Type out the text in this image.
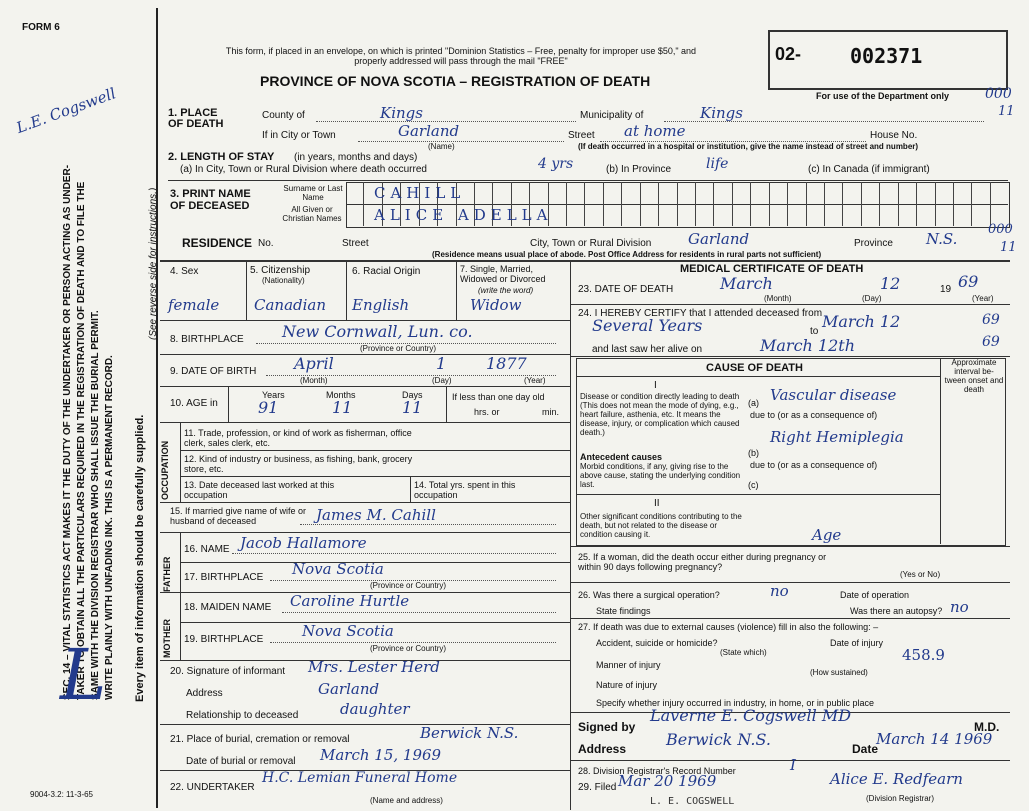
FORM 6
L.E. Cogswell
SEC. 14 – VITAL STATISTICS ACT MAKES IT THE DUTY OF THE UNDERTAKER OR PERSON ACTING AS UNDER- TAKER TO OBTAIN ALL THE PARTICULARS REQUIRED IN THE REGISTRATION OF DEATH AND TO FILE THE SAME WITH THE DIVISION REGISTRAR WHO SHALL ISSUE THE BURIAL PERMIT. WRITE PLAINLY WITH UNFADING INK. THIS IS A PERMANENT RECORD. Every item of information should be carefully supplied.
(See reverse side for instructions.)
L
9004-3.2: 11-3-65
This form, if placed in an envelope, on which is printed "Dominion Statistics – Free, penalty for improper use $50," and properly addressed will pass through the mail "FREE"
PROVINCE OF NOVA SCOTIA – REGISTRATION OF DEATH
02- 002371
For use of the Department only	000
11
1. PLACE OF DEATH
County of	Kings	Municipality of	Kings
If in City or Town	Garland
(Name)
Street at home	House No.
(If death occurred in a hospital or institution, give the name instead of street and number)
2. LENGTH OF STAY (in years, months and days)
(a) In City, Town or Rural Division where death occurred	4 yrs	(b) In Province life	(c) In Canada (if immigrant)
3. PRINT NAME OF DECEASED
Surname or Last Name
All Given or Christian Names
CAHILL
ALICE ADELLA
RESIDENCE No.	Street	City, Town or Rural Division Garland	Province N.S.
000
11
(Residence means usual place of abode. Post Office Address for residents in rural parts not sufficient)
4. Sex	5. Citizenship
(Nationality)
6. Racial Origin	7. Single, Married, Widowed or Divorced
(write the word)
female Canadian English	Widow
8. BIRTHPLACE New Cornwall, Lun. co.
(Province or Country)
9. DATE OF BIRTH April	1 1877
(Month)	(Day)	(Year)
10. AGE in
Years	Months	Days
91	11	11
If less than one day old
hrs. or	min.
OCCUPATION
11. Trade, profession, or kind of work as fisherman, office clerk, sales clerk, etc.
12. Kind of industry or business, as fishing, bank, grocery store, etc.
13. Date deceased last worked at this occupation
14. Total yrs. spent in this occupation
15. If married give name of wife or husband of deceased	James M. Cahill
FATHER
16. NAME Jacob Hallamore
17. BIRTHPLACE Nova Scotia
(Province or Country)
MOTHER
18. MAIDEN NAME Caroline Hurtle
19. BIRTHPLACE	Nova Scotia
(Province or Country)
20. Signature of informant Mrs. Lester Herd
Address	Garland
Relationship to deceased	daughter
21. Place of burial, cremation or removal	Berwick N.S.
Date of burial or removal March 15, 1969
22. UNDERTAKER
H.C. Lemian Funeral Home
(Name and address)
MEDICAL CERTIFICATE OF DEATH
23. DATE OF DEATH	March	12	19 69
(Month)	(Day)	(Year)
24. I HEREBY CERTIFY that I attended deceased from
Several Years	to
March 12	69
and last saw her alive on	March 12th	69
CAUSE OF DEATH	Approximate interval be-tween onset and death
I
Disease or condition directly leading to death (This does not mean the mode of dying, e.g., heart failure, asthenia, etc. It means the disease, injury, or complication which caused death.)
(a) Vascular disease
due to (or as a consequence of)
Antecedent causes
Morbid conditions, if any, giving rise to the above cause, stating the underlying condition last.
(b)
Right Hemiplegia
due to (or as a consequence of)
(c)
II
Other significant conditions contributing to the death, but not related to the disease or condition causing it.	Age
25. If a woman, did the death occur either during pregnancy or within 90 days following pregnancy?
(Yes or No)
26. Was there a surgical operation?	no	Date of operation
State findings	Was there an autopsy? no
27. If death was due to external causes (violence) fill in also the following: –
Accident, suicide or homicide?	Date of injury
(State which)	458.9
Manner of injury
(How sustained)
Nature of injury
Specify whether injury occurred in industry, in home, or in public place
Signed by
Laverne E. Cogswell MD
M.D.
Address Berwick N.S.	Date
March 14 1969
28. Division Registrar's Record Number	I
29. Filed Mar 20 1969	Alice E. Redfearn
(Division Registrar)
L. E. COGSWELL
